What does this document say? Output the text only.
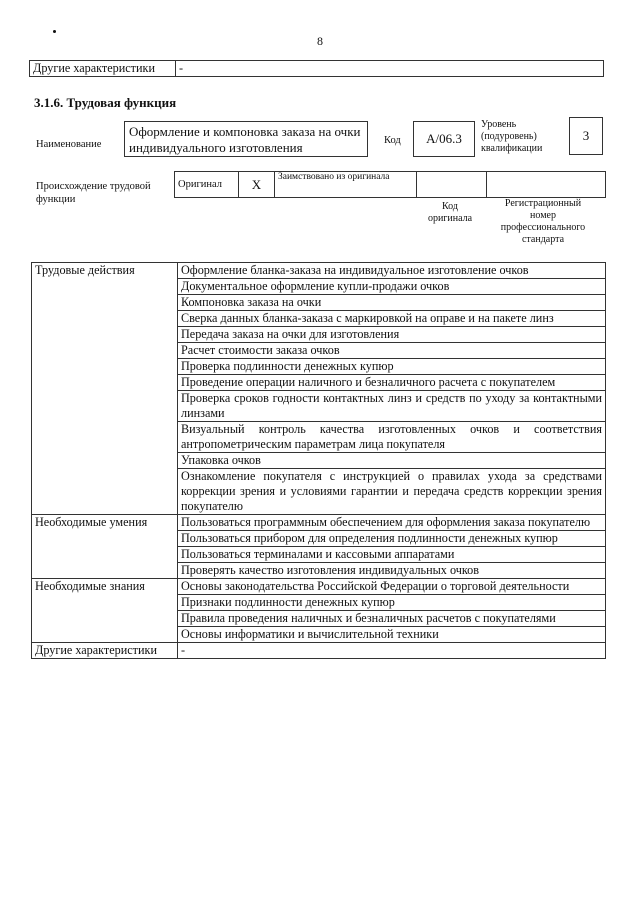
8
Другие характеристики	-
3.1.6. Трудовая функция
Наименование
Оформление и компоновка заказа на очки индивидуального изготовления	Код	A/06.3
Уровень (подуровень) квалификации
3
Происхождение трудовой функции
Оригинал	X	Заимствовано из оригинала		
Код оригинала
Регистрационный номер профессионального стандарта
Трудовые действия	Оформление бланка-заказа на индивидуальное изготовление очков
	Документальное оформление купли-продажи очков
	Компоновка заказа на очки
	Сверка данных бланка-заказа с маркировкой на оправе и на пакете линз
	Передача заказа на очки для изготовления
	Расчет стоимости заказа очков
	Проверка подлинности денежных купюр
	Проведение операции наличного и безналичного расчета с покупателем
	Проверка сроков годности контактных линз и средств по уходу за контактными линзами
	Визуальный контроль качества изготовленных очков и соответствия антропометрическим параметрам лица покупателя
	Упаковка очков
	Ознакомление покупателя с инструкцией о правилах ухода за средствами коррекции зрения и условиями гарантии и передача средств коррекции зрения покупателю
Необходимые умения	Пользоваться программным обеспечением для оформления заказа покупателю
	Пользоваться прибором для определения подлинности денежных купюр
	Пользоваться терминалами и кассовыми аппаратами
	Проверять качество изготовления индивидуальных очков
Необходимые знания	Основы законодательства Российской Федерации о торговой деятельности
	Признаки подлинности денежных купюр
	Правила проведения наличных и безналичных расчетов с покупателями
	Основы информатики и вычислительной техники
Другие характеристики	-
